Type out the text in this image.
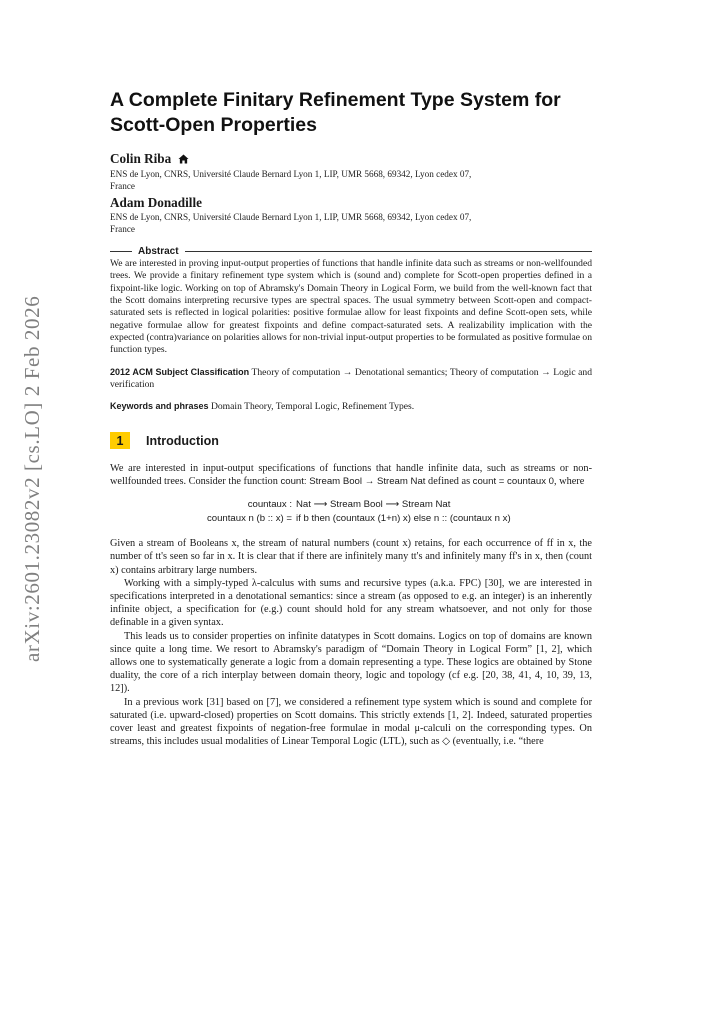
arXiv:2601.23082v2 [cs.LO] 2 Feb 2026
A Complete Finitary Refinement Type System for
Scott-Open Properties
Colin Riba
ENS de Lyon, CNRS, Université Claude Bernard Lyon 1, LIP, UMR 5668, 69342, Lyon cedex 07,
France
Adam Donadille
ENS de Lyon, CNRS, Université Claude Bernard Lyon 1, LIP, UMR 5668, 69342, Lyon cedex 07,
France
Abstract

We are interested in proving input-output properties of functions that handle infinite data such as streams or non-wellfounded trees. We provide a finitary refinement type system which is (sound and) complete for Scott-open properties defined in a fixpoint-like logic. Working on top of Abramsky's Domain Theory in Logical Form, we build from the well-known fact that the Scott domains interpreting recursive types are spectral spaces. The usual symmetry between Scott-open and compact-saturated sets is reflected in logical polarities: positive formulae allow for least fixpoints and define Scott-open sets, while negative formulae allow for greatest fixpoints and define compact-saturated sets. A realizability implication with the expected (contra)variance on polarities allows for non-trivial input-output properties to be formulated as positive formulae on function types.

2012 ACM Subject Classification Theory of computation → Denotational semantics; Theory of computation → Logic and verification
Keywords and phrases Domain Theory, Temporal Logic, Refinement Types.
1	Introduction

We are interested in input-output specifications of functions that handle infinite data, such as streams or non-wellfounded trees. Consider the function count: Stream Bool → Stream Nat defined as count = countaux 0, where

countaux : Nat ⟶ Stream Bool ⟶ Stream Nat
countaux n (b :: x) = if b then (countaux (1+n) x) else n :: (countaux n x)

Given a stream of Booleans x, the stream of natural numbers (count x) retains, for each occurrence of ff in x, the number of tt's seen so far in x. It is clear that if there are infinitely many tt's and infinitely many ff's in x, then (count x) contains arbitrary large numbers.

Working with a simply-typed λ-calculus with sums and recursive types (a.k.a. FPC) [30], we are interested in specifications interpreted in a denotational semantics: since a stream (as opposed to e.g. an integer) is an inherently infinite object, a specification for (e.g.) count should hold for any stream whatsoever, and not only for those definable in a given syntax.

This leads us to consider properties on infinite datatypes in Scott domains. Logics on top of domains are known since quite a long time. We resort to Abramsky's paradigm of “Domain Theory in Logical Form” [1, 2], which allows one to systematically generate a logic from a domain representing a type. These logics are obtained by Stone duality, the core of a rich interplay between domain theory, logic and topology (cf e.g. [20, 38, 41, 4, 10, 39, 13, 12]).

In a previous work [31] based on [7], we considered a refinement type system which is sound and complete for saturated (i.e. upward-closed) properties on Scott domains. This strictly extends [1, 2]. Indeed, saturated properties cover least and greatest fixpoints of negation-free formulae in modal μ-calculi on the corresponding types. On streams, this includes usual modalities of Linear Temporal Logic (LTL), such as ◇ (eventually, i.e. “there
